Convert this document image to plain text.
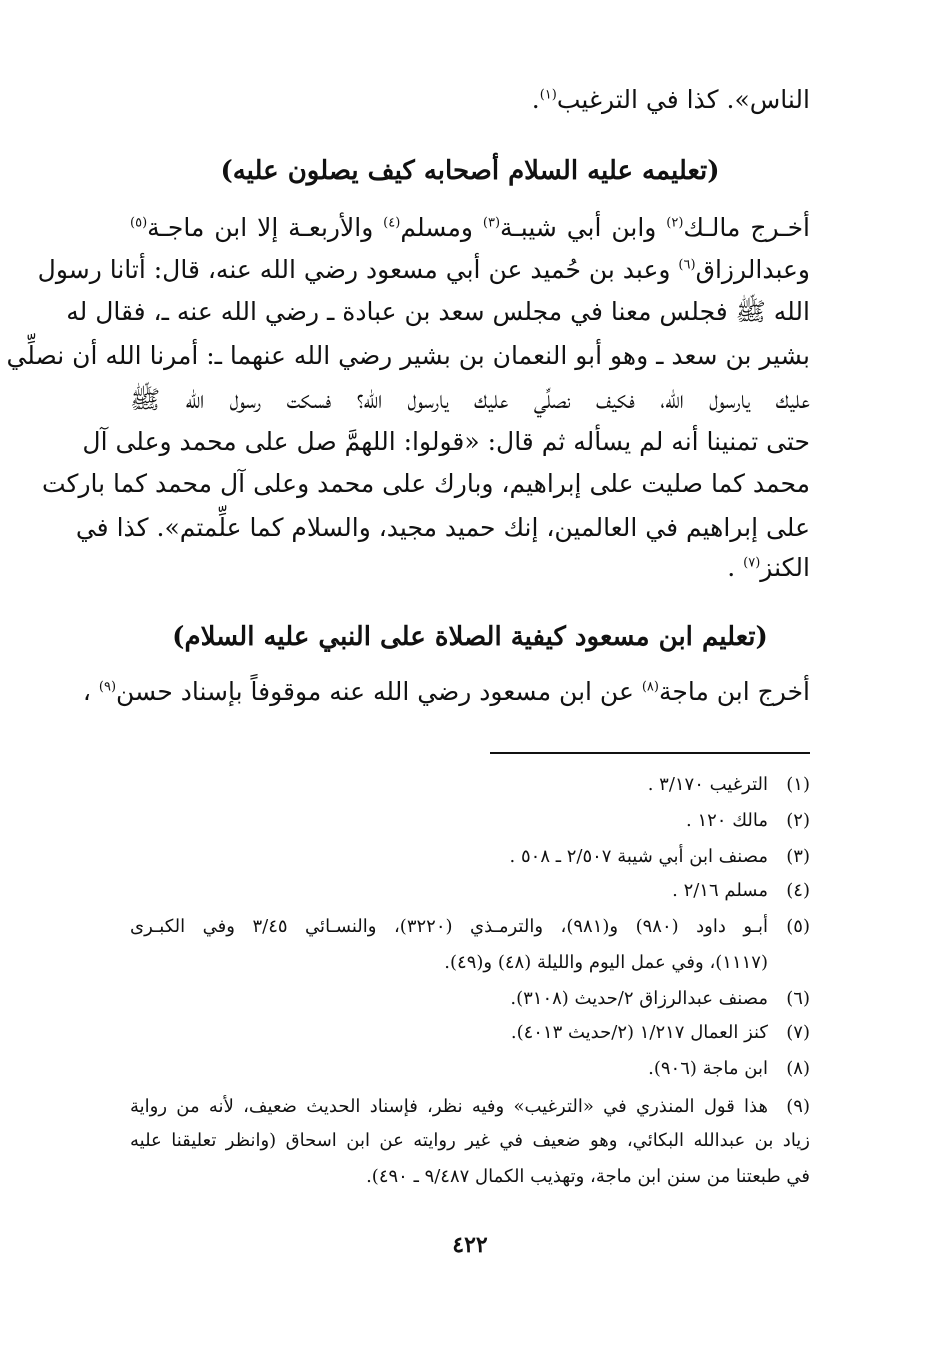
الناس». كذا في الترغيب$^{(١)}$.
(تعليمه عليه السلام أصحابه كيف يصلون عليه)
أخـرج مالـك$^{(٢)}$ وابن أبي شيبـة$^{(٣)}$ ومسلم$^{(٤)}$ والأربعـة إلا ابن ماجـة$^{(٥)}$
وعبدالرزاق$^{(٦)}$ وعبد بن حُميد عن أبي مسعود رضي الله عنه، قال: أتانا رسول
الله ﷺ فجلس معنا في مجلس سعد بن عبادة ـ رضي الله عنه ـ، فقال له
بشير بن سعد ـ وهو أبو النعمان بن بشير رضي الله عنهما ـ: أمرنا الله أن نصلِّي
عليك يارسول الله، فكيف نصلِّي عليك يارسول الله؟ فسكت رسول الله ﷺ
حتى تمنينا أنه لم يسأله ثم قال: «قولوا: اللهمَّ صل على محمد وعلى آل
محمد كما صليت على إبراهيم، وبارك على محمد وعلى آل محمد كما باركت
على إبراهيم في العالمين، إنك حميد مجيد، والسلام كما علِّمتم». كذا في
الكنز$^{(٧)}$ .
(تعليم ابن مسعود كيفية الصلاة على النبي عليه السلام)
أخرج ابن ماجة$^{(٨)}$ عن ابن مسعود رضي الله عنه موقوفاً بإسناد حسن$^{(٩)}$ ،
(١)الترغيب ٣/١٧٠ .
(٢)مالك ١٢٠ .
(٣)مصنف ابن أبي شيبة ٢/٥٠٧ ـ ٥٠٨ .
(٤)مسلم ٢/١٦ .
(٥)أبـو داود (٩٨٠) و(٩٨١)، والترمـذي (٣٢٢٠)، والنسـائي ٣/٤٥ وفي الكبـرى
(١١١٧)، وفي عمل اليوم والليلة (٤٨) و(٤٩).
(٦)مصنف عبدالرزاق ٢/حديث (٣١٠٨).
(٧)كنز العمال ١/٢١٧ (٢/حديث ٤٠١٣).
(٨)ابن ماجة (٩٠٦).
(٩)هذا قول المنذري في «الترغيب» وفيه نظر، فإسناد الحديث ضعيف، لأنه من رواية
زياد بن عبدالله البكائي، وهو ضعيف في غير روايته عن ابن اسحاق (وانظر تعليقنا عليه
في طبعتنا من سنن ابن ماجة، وتهذيب الكمال ٩/٤٨٧ ـ ٤٩٠).
٤٢٢
